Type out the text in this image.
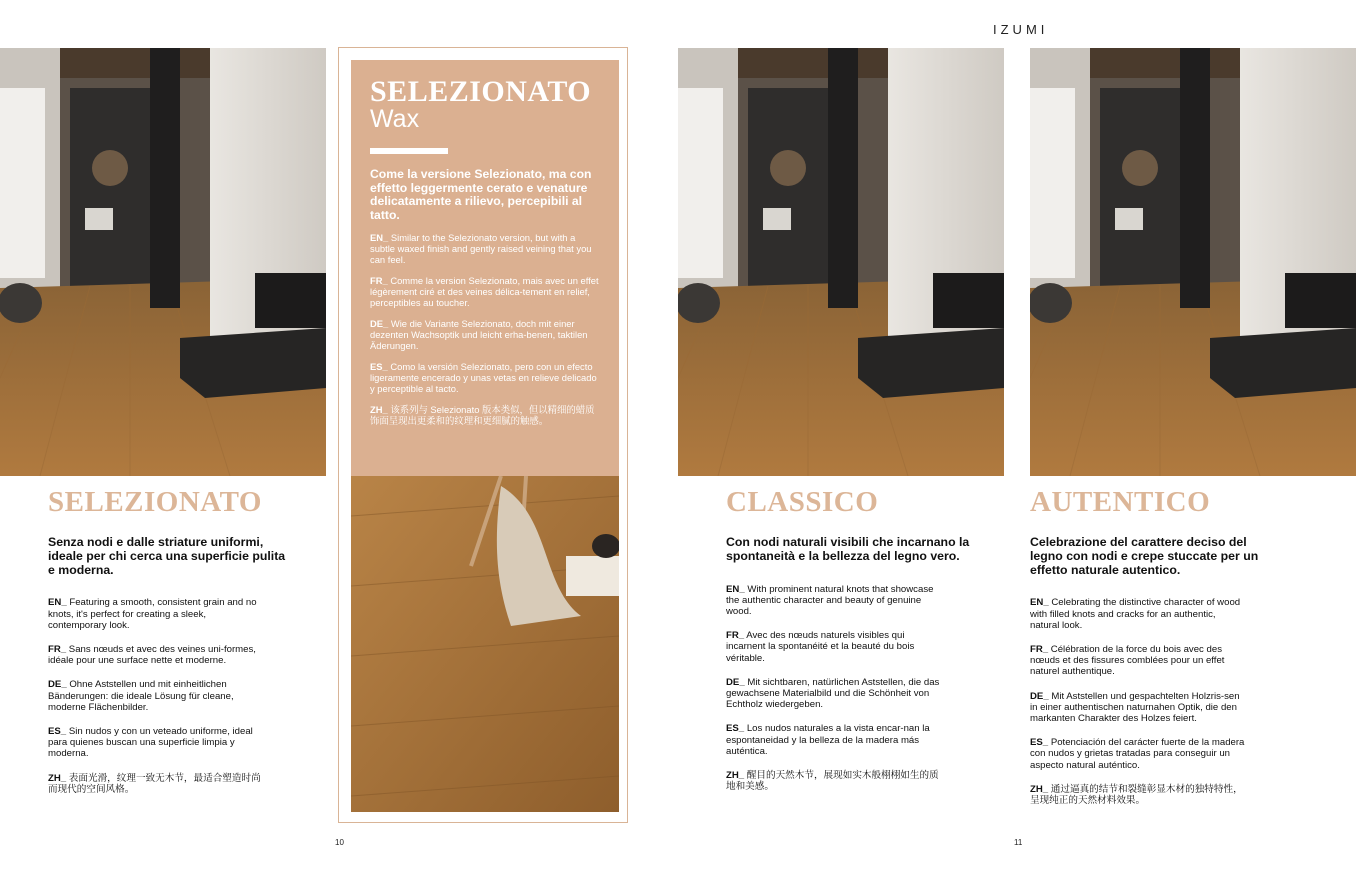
IZUMI
SELEZIONATO
Wax
Come la versione Selezionato, ma con effetto leggermente cerato e venature delicatamente a rilievo, percepibili al tatto.
EN_ Similar to the Selezionato version, but with a subtle waxed finish and gently raised veining that you can feel.
FR_ Comme la version Selezionato, mais avec un effet légèrement ciré et des veines délica-tement en relief, perceptibles au toucher.
DE_ Wie die Variante Selezionato, doch mit einer dezenten Wachsoptik und leicht erha-benen, taktilen Äderungen.
ES_ Como la versión Selezionato, pero con un efecto ligeramente encerado y unas vetas en relieve delicado y perceptible al tacto.
ZH_ 该系列与 Selezionato 版本类似，但以精细的蜡质饰面呈现出更柔和的纹理和更细腻的触感。
SELEZIONATO
Senza nodi e dalle striature uniformi, ideale per chi cerca una superficie pulita e moderna.
EN_ Featuring a smooth, consistent grain and no knots, it's perfect for creating a sleek, contemporary look.
FR_ Sans nœuds et avec des veines uni-formes, idéale pour une surface nette et moderne.
DE_ Ohne Aststellen und mit einheitlichen Bänderungen: die ideale Lösung für cleane, moderne Flächenbilder.
ES_ Sin nudos y con un veteado uniforme, ideal para quienes buscan una superficie limpia y moderna.
ZH_ 表面光滑，纹理一致无木节，最适合塑造时尚而现代的空间风格。
CLASSICO
Con nodi naturali visibili che incarnano la spontaneità e la bellezza del legno vero.
EN_ With prominent natural knots that showcase the authentic character and beauty of genuine wood.
FR_ Avec des nœuds naturels visibles qui incarnent la spontanéité et la beauté du bois véritable.
DE_ Mit sichtbaren, natürlichen Aststellen, die das gewachsene Materialbild und die Schönheit von Echtholz wiedergeben.
ES_ Los nudos naturales a la vista encar-nan la espontaneidad y la belleza de la madera más auténtica.
ZH_ 醒目的天然木节，展现如实木般栩栩如生的质地和美感。
AUTENTICO
Celebrazione del carattere deciso del legno con nodi e crepe stuccate per un effetto naturale autentico.
EN_ Celebrating the distinctive character of wood with filled knots and cracks for an authentic, natural look.
FR_ Célébration de la force du bois avec des nœuds et des fissures comblées pour un effet naturel authentique.
DE_ Mit Aststellen und gespachtelten Holzris-sen in einer authentischen naturnahen Optik, die den markanten Charakter des Holzes feiert.
ES_ Potenciación del carácter fuerte de la madera con nudos y grietas tratadas para conseguir un aspecto natural auténtico.
ZH_ 通过逼真的结节和裂缝彰显木材的独特特性，呈现纯正的天然材料效果。
10	11
